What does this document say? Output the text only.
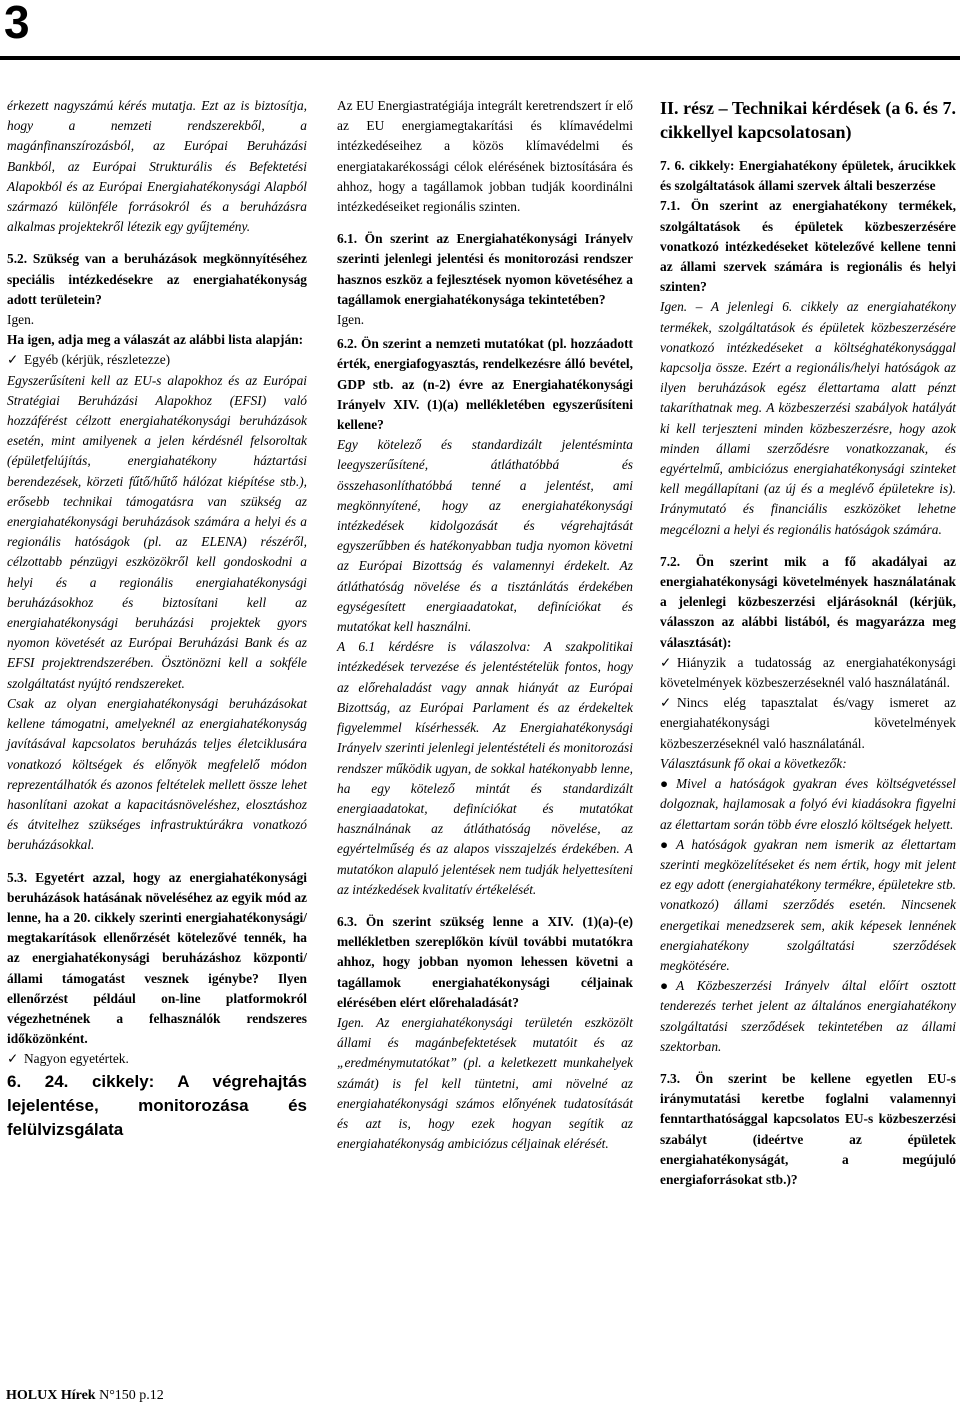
3

érkezett nagyszámú kérés mutatja. Ezt az is biztosítja, hogy a nemzeti rendszerekből, a magánfinanszírozásból, az Európai Beruházási Bankból, az Európai Strukturális és Befektetési Alapokból és az Európai Energiahatékonysági Alapból származó különféle forrásokról és a beruházásra alkalmas projektekről létezik egy gyűjtemény.

5.2. Szükség van a beruházások megkönnyítéséhez speciális intézkedésekre az energiahatékonyság adott területein?

Igen.

Ha igen, adja meg a válaszát az alábbi lista alapján:

✓ Egyéb (kérjük, részletezze)

Egyszerűsíteni kell az EU-s alapokhoz és az Európai Stratégiai Beruházási Alapokhoz (EFSI) való hozzáférést célzott energiahatékonysági beruházások esetén, mint amilyenek a jelen kérdésnél felsoroltak (épületfelújítás, energiahatékony háztartási berendezések, körzeti fűtő/hűtő hálózat kiépítése stb.), erősebb technikai támogatásra van szükség az energiahatékonysági beruházások számára a helyi és a regionális hatóságok (pl. az ELENA) részéről, célzottabb pénzügyi eszközökről kell gondoskodni a helyi és a regionális energiahatékonysági beruházásokhoz és biztosítani kell az energiahatékonysági beruházási projektek gyors nyomon követését az Európai Beruházási Bank és az EFSI projektrendszerében. Ösztönözni kell a sokféle szolgáltatást nyújtó rendszereket.

Csak az olyan energiahatékonysági beruházásokat kellene támogatni, amelyeknél az energiahatékonyság javításával kapcsolatos beruházás teljes életciklusára vonatkozó költségek és előnyök megfelelő módon reprezentálhatók és azonos feltételek mellett össze lehet hasonlítani azokat a kapacitásnöveléshez, elosztáshoz és átvitelhez szükséges infrastruktúrákra vonatkozó beruházásokkal.

5.3. Egyetért azzal, hogy az energiahatékonysági beruházások hatásának növeléséhez az egyik mód az lenne, ha a 20. cikkely szerinti energiahatékonysági/ megtakarítások ellenőrzését kötelezővé tennék, ha az energiahatékonysági beruházáshoz központi/állami támogatást vesznek igénybe? Ilyen ellenőrzést például on-line platformokról végezhetnének a felhasználók rendszeres időközönként.

✓ Nagyon egyetértek.

6. 24. cikkely: A végrehajtás lejelentése, monitorozása és felülvizsgálata

Az EU Energiastratégiája integrált keretrendszert ír elő az EU energiamegtakarítási és klímavédelmi intézkedéseihez a közös klímavédelmi és energiatakarékossági célok elérésének biztosítására és ahhoz, hogy a tagállamok jobban tudják koordinálni intézkedéseiket regionális szinten.

6.1. Ön szerint az Energiahatékonysági Irányelv szerinti jelenlegi jelentési és monitorozási rendszer hasznos eszköz a fejlesztések nyomon követéséhez a tagállamok energiahatékonysága tekintetében?

Igen.

6.2. Ön szerint a nemzeti mutatókat (pl. hozzáadott érték, energiafogyasztás, rendelkezésre álló bevétel, GDP stb. az (n-2) évre az Energiahatékonysági Irányelv XIV. (1)(a) mellékletében egyszerűsíteni kellene?

Egy kötelező és standardizált jelentésminta leegyszerűsítené, átláthatóbbá és összehasonlíthatóbbá tenné a jelentést, ami megkönnyítené, hogy az energiahatékonysági intézkedések kidolgozását és végrehajtását egyszerűbben és hatékonyabban tudja nyomon követni az Európai Bizottság és valamennyi érdekelt. Az átláthatóság növelése és a tisztánlátás érdekében egységesített energiaadatokat, definíciókat és mutatókat kell használni.

A 6.1 kérdésre is válaszolva: A szakpolitikai intézkedések tervezése és jelentéstételük fontos, hogy az előrehaladást vagy annak hiányát az Európai Bizottság, az Európai Parlament és az érdekeltek figyelemmel kísérhessék. Az Energiahatékonysági Irányelv szerinti jelenlegi jelentéstételi és monitorozási rendszer működik ugyan, de sokkal hatékonyabb lenne, ha egy kötelező mintát és standardizált energiaadatokat, definíciókat és mutatókat használnának az átláthatóság növelése, az egyértelműség és az alapos visszajelzés érdekében. A mutatókon alapuló jelentések nem tudják helyettesíteni az intézkedések kvalitatív értékelését.

6.3. Ön szerint szükség lenne a XIV. (1)(a)-(e) mellékletben szereplőkön kívül további mutatókra ahhoz, hogy jobban nyomon lehessen követni a tagállamok energiahatékonysági céljainak elérésében elért előrehaladását?

Igen. Az energiahatékonysági területén eszközölt állami és magánbefektetések mutatóit és az „eredménymutatókat” (pl. a keletkezett munkahelyek számát) is fel kell tüntetni, ami növelné az energiahatékonysági számos előnyének tudatosítását és azt is, hogy ezek hogyan segítik az energiahatékonyság ambiciózus céljainak elérését.

II. rész – Technikai kérdések (a 6. és 7. cikkellyel kapcsolatosan)

7. 6. cikkely: Energiahatékony épületek, árucikkek és szolgáltatások állami szervek általi beszerzése

7.1. Ön szerint az energiahatékony termékek, szolgáltatások és épületek közbeszerzésére vonatkozó intézkedéseket kötelezővé kellene tenni az állami szervek számára is regionális és helyi szinten?

Igen. – A jelenlegi 6. cikkely az energiahatékony termékek, szolgáltatások és épületek közbeszerzésére vonatkozó intézkedéseket a költséghatékonysággal kapcsolja össze. Ezért a regionális/helyi hatóságok az ilyen beruházások egész élettartama alatt pénzt takaríthatnak meg. A közbeszerzési szabályok hatályát ki kell terjeszteni minden közbeszerzésre, hogy azok minden állami szerződésre vonatkozzanak, és egyértelmű, ambiciózus energiahatékonysági szinteket kell megállapítani (az új és a meglévő épületekre is). Iránymutató és financiális eszközöket lehetne megcélozni a helyi és regionális hatóságok számára.

7.2. Ön szerint mik a fő akadályai az energiahatékonysági követelmények használatának a jelenlegi közbeszerzési eljárásoknál (kérjük, válasszon az alábbi listából, és magyarázza meg választását):

✓ Hiányzik a tudatosság az energiahatékonysági követelmények közbeszerzéseknél való használatánál.

✓ Nincs elég tapasztalat és/vagy ismeret az energiahatékonysági követelmények közbeszerzéseknél való használatánál.

Választásunk fő okai a következők:

● Mivel a hatóságok gyakran éves költségvetéssel dolgoznak, hajlamosak a folyó évi kiadásokra figyelni az élettartam során több évre eloszló költségek helyett.

● A hatóságok gyakran nem ismerik az élettartam szerinti megközelítéseket és nem értik, hogy mit jelent ez egy adott (energiahatékony termékre, épületekre stb. vonatkozó) állami szerződés esetén. Nincsenek energetikai menedzserek sem, akik képesek lennének energiahatékony szolgáltatási szerződések megkötésére.

● A Közbeszerzési Irányelv által előírt osztott tenderezés terhet jelent az általános energiahatékony szolgáltatási szerződések tekintetében az állami szektorban.

7.3. Ön szerint be kellene egyetlen EU-s iránymutatási keretbe foglalni valamennyi fenntarthatósággal kapcsolatos EU-s közbeszerzési szabályt (ideértve az épületek energiahatékonyságát, a megújuló energiaforrásokat stb.)?
HOLUX Hírek N°150 p.12
